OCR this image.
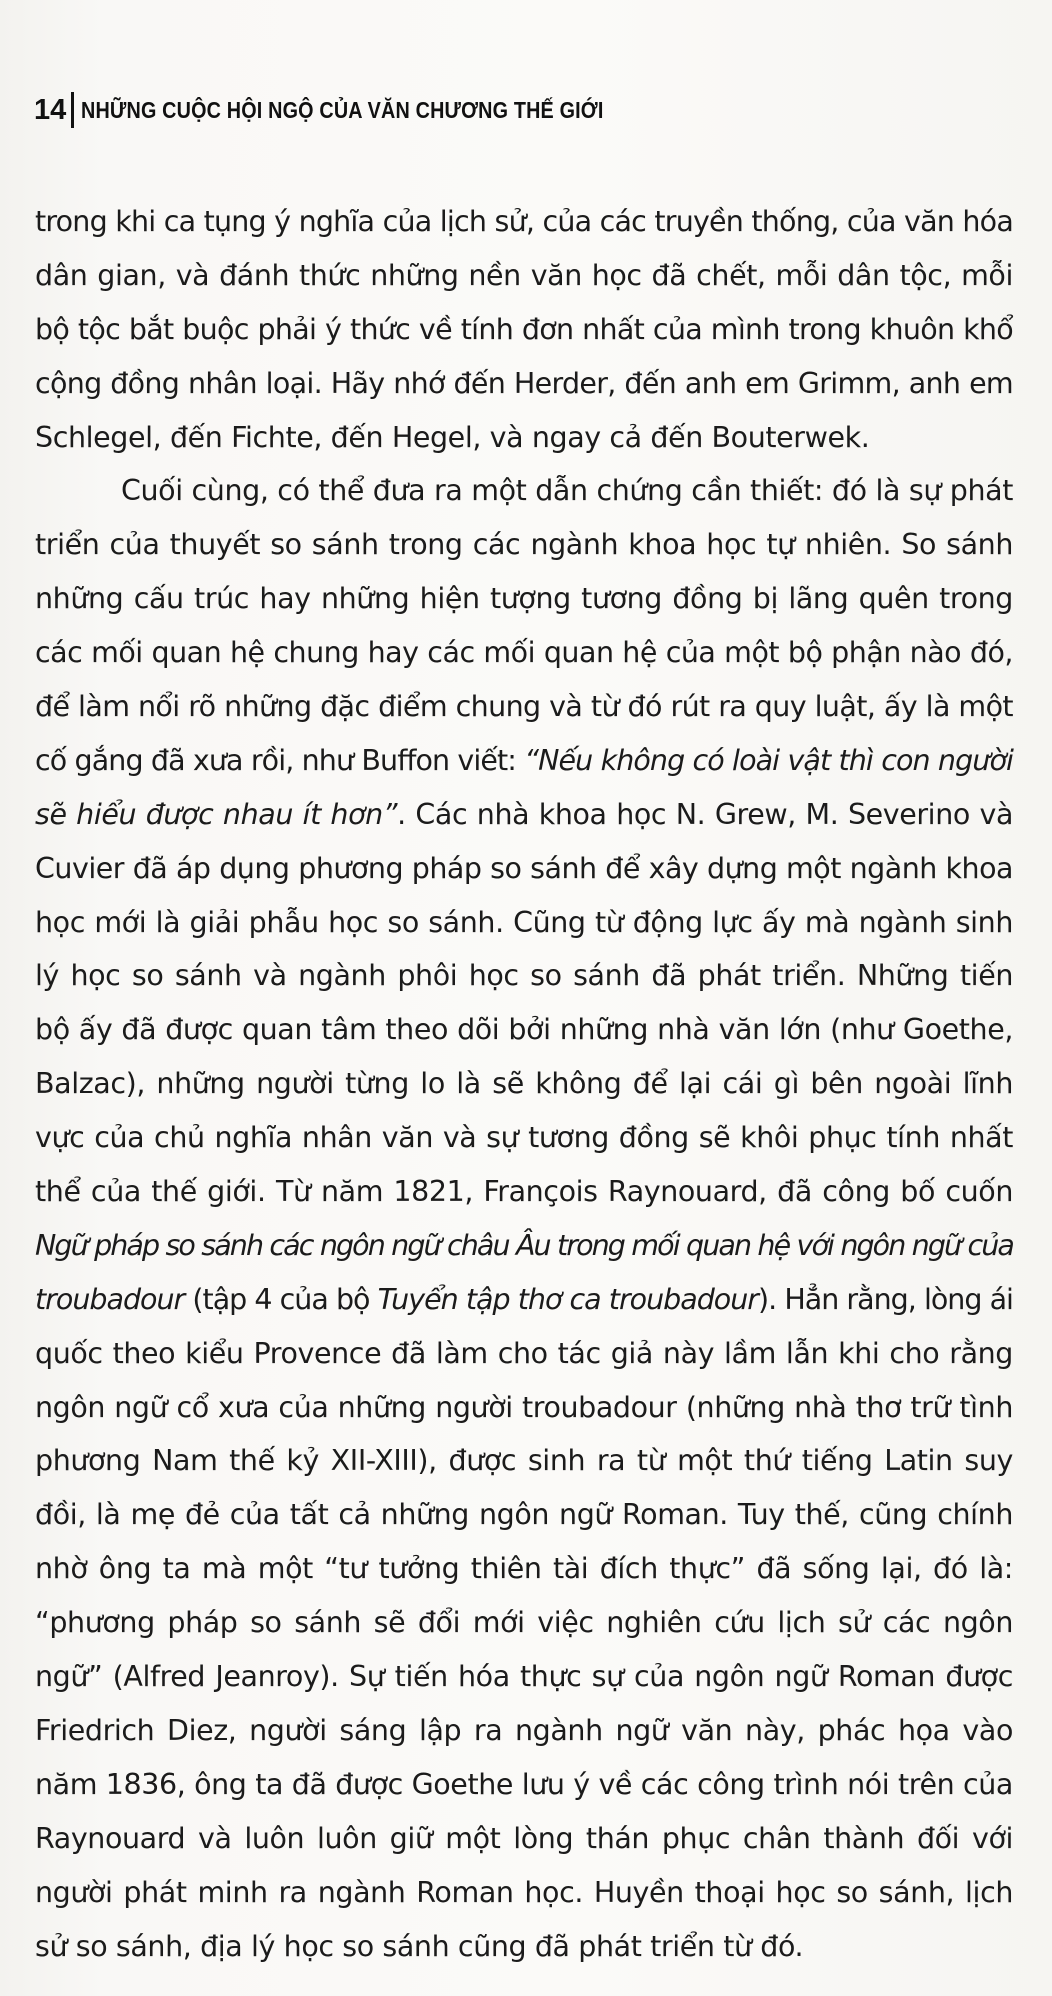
14 NHỮNG CUỘC HỘI NGỘ CỦA VĂN CHƯƠNG THẾ GIỚI
trong khi ca tụng ý nghĩa của lịch sử, của các truyền thống, của văn hóa
dân gian, và đánh thức những nền văn học đã chết, mỗi dân tộc, mỗi
bộ tộc bắt buộc phải ý thức về tính đơn nhất của mình trong khuôn khổ
cộng đồng nhân loại. Hãy nhớ đến Herder, đến anh em Grimm, anh em
Schlegel, đến Fichte, đến Hegel, và ngay cả đến Bouterwek.
Cuối cùng, có thể đưa ra một dẫn chứng cần thiết: đó là sự phát
triển của thuyết so sánh trong các ngành khoa học tự nhiên. So sánh
những cấu trúc hay những hiện tượng tương đồng bị lãng quên trong
các mối quan hệ chung hay các mối quan hệ của một bộ phận nào đó,
để làm nổi rõ những đặc điểm chung và từ đó rút ra quy luật, ấy là một
cố gắng đã xưa rồi, như Buffon viết: “Nếu không có loài vật thì con người
sẽ hiểu được nhau ít hơn”. Các nhà khoa học N. Grew, M. Severino và
Cuvier đã áp dụng phương pháp so sánh để xây dựng một ngành khoa
học mới là giải phẫu học so sánh. Cũng từ động lực ấy mà ngành sinh
lý học so sánh và ngành phôi học so sánh đã phát triển. Những tiến
bộ ấy đã được quan tâm theo dõi bởi những nhà văn lớn (như Goethe,
Balzac), những người từng lo là sẽ không để lại cái gì bên ngoài lĩnh
vực của chủ nghĩa nhân văn và sự tương đồng sẽ khôi phục tính nhất
thể của thế giới. Từ năm 1821, François Raynouard, đã công bố cuốn
Ngữ pháp so sánh các ngôn ngữ châu Âu trong mối quan hệ với ngôn ngữ của
troubadour (tập 4 của bộ Tuyển tập thơ ca troubadour). Hẳn rằng, lòng ái
quốc theo kiểu Provence đã làm cho tác giả này lầm lẫn khi cho rằng
ngôn ngữ cổ xưa của những người troubadour (những nhà thơ trữ tình
phương Nam thế kỷ XII-XIII), được sinh ra từ một thứ tiếng Latin suy
đồi, là mẹ đẻ của tất cả những ngôn ngữ Roman. Tuy thế, cũng chính
nhờ ông ta mà một “tư tưởng thiên tài đích thực” đã sống lại, đó là:
“phương pháp so sánh sẽ đổi mới việc nghiên cứu lịch sử các ngôn
ngữ” (Alfred Jeanroy). Sự tiến hóa thực sự của ngôn ngữ Roman được
Friedrich Diez, người sáng lập ra ngành ngữ văn này, phác họa vào
năm 1836, ông ta đã được Goethe lưu ý về các công trình nói trên của
Raynouard và luôn luôn giữ một lòng thán phục chân thành đối với
người phát minh ra ngành Roman học. Huyền thoại học so sánh, lịch
sử so sánh, địa lý học so sánh cũng đã phát triển từ đó.
